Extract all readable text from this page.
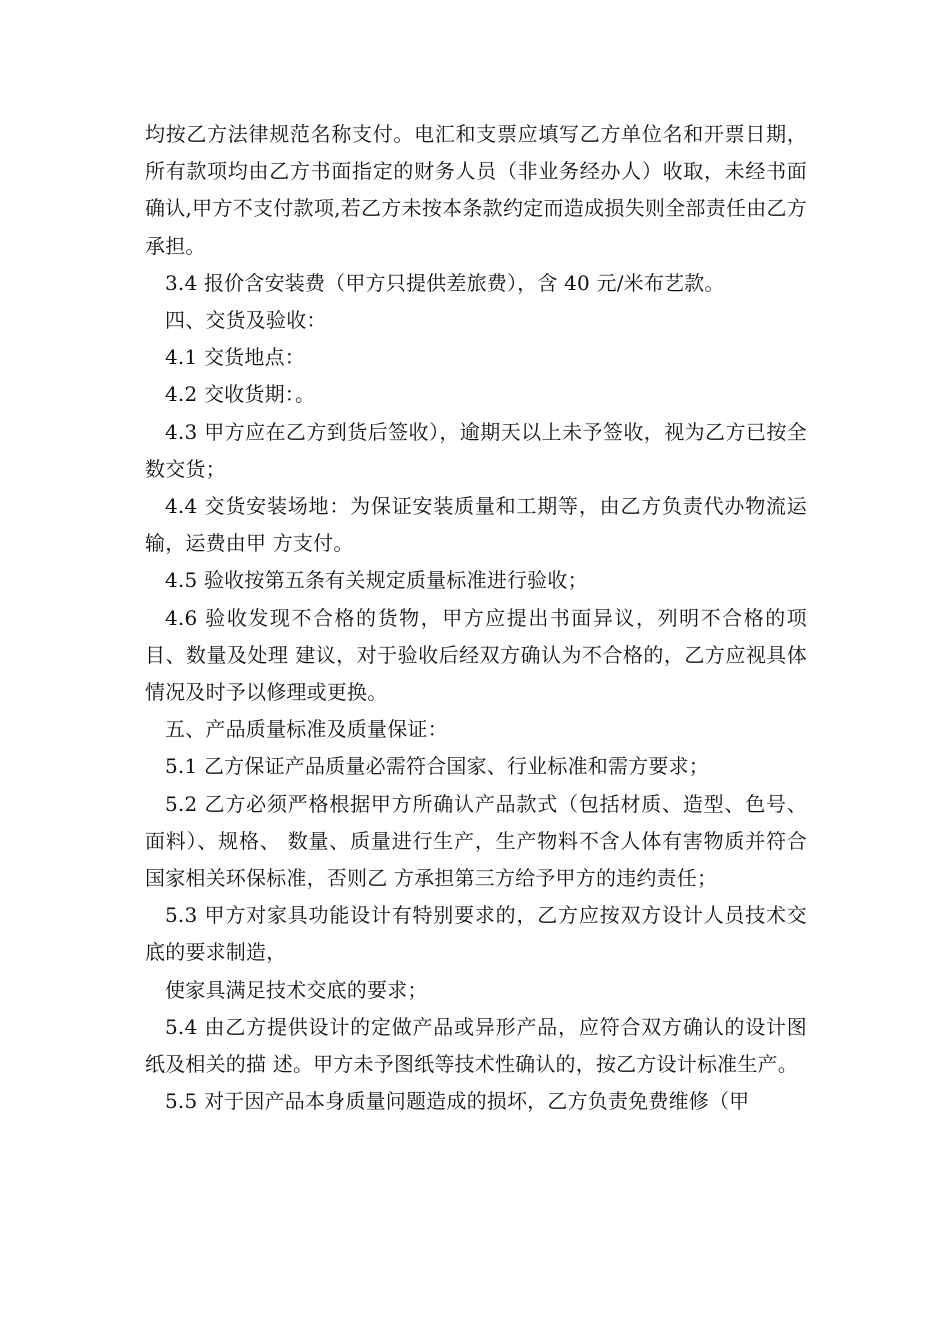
均按乙方法律规范名称支付。电汇和支票应填写乙方单位名和开票日期，所有款项均由乙方书面指定的财务人员（非业务经办人）收取，未经书面确认,甲方不支付款项,若乙方未按本条款约定而造成损失则全部责任由乙方承担。

3.4 报价含安装费（甲方只提供差旅费），含 40 元/米布艺款。

四、交货及验收：

4.1 交货地点：

4.2 交收货期：。

4.3 甲方应在乙方到货后签收），逾期天以上未予签收，视为乙方已按全数交货；

4.4 交货安装场地：为保证安装质量和工期等，由乙方负责代办物流运输，运费由甲 方支付。

4.5 验收按第五条有关规定质量标准进行验收；

4.6 验收发现不合格的货物，甲方应提出书面异议，列明不合格的项目、数量及处理 建议，对于验收后经双方确认为不合格的，乙方应视具体情况及时予以修理或更换。

五、产品质量标准及质量保证：

5.1 乙方保证产品质量必需符合国家、行业标准和需方要求；

5.2 乙方必须严格根据甲方所确认产品款式（包括材质、造型、色号、面料）、规格、 数量、质量进行生产，生产物料不含人体有害物质并符合国家相关环保标准，否则乙 方承担第三方给予甲方的违约责任；

5.3 甲方对家具功能设计有特别要求的，乙方应按双方设计人员技术交底的要求制造，

使家具满足技术交底的要求；

5.4 由乙方提供设计的定做产品或异形产品，应符合双方确认的设计图纸及相关的描 述。甲方未予图纸等技术性确认的，按乙方设计标准生产。

5.5 对于因产品本身质量问题造成的损坏，乙方负责免费维修（甲
